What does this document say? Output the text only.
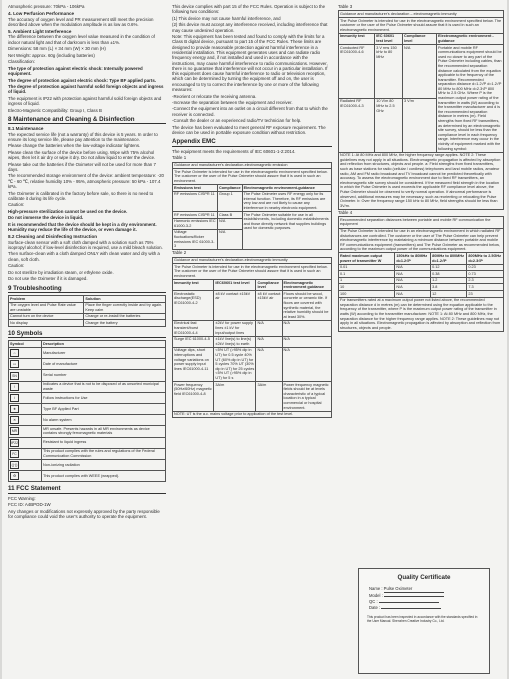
Atmospheric pressure: 70kPa - 106kPa
4. Low Perfusion Performance
The accuracy of oxygen level and PR measurement still meet the precision described above when the modulation amplitude is as low as 0.6%.
5. Ambient Light Interference
The difference between the oxygen level value measured in the condition of indoor natural light and that of darkroom is less than ±1%.
Dimensions: 58 mm (L) × 34 mm (W) × 30 mm (H)
Net Weight: approx. 60g (including batteries)
Classification:
The type of protection against electric shock: Internally powered equipment.
The degree of protection against electric shock: Type BF applied parts.
The degree of protection against harmful solid foreign objects and ingress of liquid.
The equipment is IP22 with protection against harmful solid foreign objects and ingress of liquid.
Electro-Magnetic Compatibility: Group I, Class B
8 Maintenance and Cleaning & Disinfection
8.1 Maintenance
The expected service life (not a warranty) of this device is 5 years. In order to ensure its long service life, please pay attention to the maintenance.
Please change the batteries when the low-voltage indicator lightens.
Please clean the surface of the device before using. Wipe with 75% alcohol wipes, then let it air dry or wipe it dry. Do not allow liquid to enter the device.
Please take out the batteries if the Oximeter will not be used for more than 7 days.
The recommended storage environment of the device: ambient temperature: -20 ℃ - 60 ℃, relative humidity 10% - 95%, atmospheric pressure: 50 kPa - 107.4 kPa.
The Oximeter is calibrated in the factory before sale, so there is no need to calibrate it during its life cycle.
Caution:
High-pressure sterilization cannot be used on the device.
Do not immerse the device in liquid.
It is recommended that the device should be kept in a dry environment. Humidity may reduce the life of the device, or even damage it.
8.2 Cleaning and Disinfecting Instruction
Surface-clean sensor with a soft cloth damped with a solution such as 75% isopropyl alcohol; if low-level disinfection is required, use a mild bleach solution.
Then surface-clean with a cloth damped ONLY with clean water and dry with a clean, soft cloth.
Caution:
Do not sterilize by irradiation steam, or ethylene oxide.
Do not use the Oximeter if it is damaged.
9 Troubleshooting
Problem	Solution
The oxygen level and Pulse Rate value are unstable	Place the finger correctly inside and try again. Keep calm
Cannot turn on the device	Change or re-install the batteries
No display	Change the battery
10 Symbols
Symbol	Description
⌂	Manufacturer
▭	Date of manufacture
SN	Serial number
!	Indicates a device that is not to be disposed of as unsorted municipal waste
i	Follow instructions for Use
★	Type BF Applied Part
✕	No alarm system
MR	MR unsafe. Presents hazards in all MR environments as device contains strongly ferromagnetic materials
IP22	Resistant to liquid ingress
FC	This product complies with the rules and regulations of the Federal Communication Commission
((·))	Non-ionizing radiation
♻	This product complies with WEEE (wrapped).
11 FCC Statement
FCC Warning:
FCC ID: A4BPOD-1W
Any changes or modifications not expressly approved by the party responsible for compliance could void the user's authority to operate the equipment.
This device complies with part 15 of the FCC Rules. Operation is subject to the following two conditions:
(1) This device may not cause harmful interference, and
(2) this device must accept any interference received, including interference that may cause undesired operation.
Note: This equipment has been tested and found to comply with the limits for a Class B digital device, pursuant to part 15 of the FCC Rules. These limits are designed to provide reasonable protection against harmful interference in a residential installation. This equipment generates uses and can radiate radio frequency energy and, if not installed and used in accordance with the instructions, may cause harmful interference to radio communications. However, there is no guarantee that interference will not occur in a particular installation. If this equipment does cause harmful interference to radio or television reception, which can be determined by turning the equipment off and on, the user is encouraged to try to correct the interference by one or more of the following measures:
-Reorient or relocate the receiving antenna.
-Increase the separation between the equipment and receiver.
-Connect the equipment into an outlet on a circuit different from that to which the receiver is connected.
-Consult the dealer or an experienced radio/TV technician for help.
The device has been evaluated to meet general RF exposure requirement. The device can be used in portable exposure condition without restriction.
Appendix EMC
The equipment meets the requirements of IEC 60601-1-2:2014.
Table 1
Guidance and manufacturer's declaration-electromagnetic emission		
The Pulse Oximeter is intended for use in the electromagnetic environment specified below. The customer or the user of the Pulse Oximeter should assure that it is used in such an environment.		
Emissions test	Compliance	Electromagnetic environment-guidance
RF emissions CISPR 11	Group 1	The Pulse Oximeter uses RF energy only for its internal function. Therefore, its RF emissions are very low and are not likely to cause any interference in nearby electronic equipment.
RF emissions CISPR 11	Class B	The Pulse Oximeter suitable for use in all establishments, including domestic establishments and those directly network that supplies buildings used for domestic purposes.
Harmonic emissions IEC 61000-3-2	N/A	
Voltage fluctuations/flicker emissions IEC 61000-3-3	N/A	
Table 2
Guidance and manufacturer's declaration-electromagnetic immunity			
The Pulse Oximeter is intended for use in the electromagnetic environment specified below. The customer or the user of the Pulse Oximeter should assure that it is used in such an environment.			
Immunity test	IEC60601 test level	Compliance level	Electromagnetic environment guidance
Electrostatic discharge(ESD) IEC61000-4-2	±8 kV contact ±15kV air	±8 kV contact ±15kV air	Floors should be wood, concrete or ceramic tile. If floors are covered with synthetic material, the relative humidity should be at least 30%.
Electrical fast transient/burst IEC61000-4-4	±2kV for power supply lines ±1 kV for input/output lines	N/A	N/A
Surge IEC 61000-4-5	±1kV line(s) to line(s) ±2kV line(s) to earth	N/A	N/A
Voltage dips, short interruptions and voltage variations on power supply input lines IEC61000-4-11	<5% UT (>95% dip in UT) for 0.5 cycle 40% UT (60% dip in UT) for 5 cycles 70% UT (30% dip in UT) for 25 cycles <5% UT (>95% dip in UT) for 5 s	N/A	N/A
Power frequency (50Hz/60Hz) magnetic field IEC61000-4-8	3A/m	3A/m	Power frequency magnetic fields should be at levels characteristic of a typical location in a typical commercial or hospital environment.
NOTE: UT is the a.c. mains voltage prior to application of the test level.			
Table 3
Guidance and manufacturer's declaration – electromagnetic immunity			
The Pulse Oximeter is intended for use in the electromagnetic environment specified below. The customer or the user of the Pulse Oximeter should assure that it is used in such an electromagnetic environment.			
Immunity test	IEC 60601 test level	Compliance level	Electromagnetic environment - guidance
Conducted RF IEC61000-4-6	3 V rms 150 kHz to 80 MHz	N/A	Portable and mobile RF communications equipment should be used no closer to any part of the Pulse Oximeter including cables, than the recommended separation distance calculated from the equation applicable to the frequency of the transmitter. Recommended separation distance d=1.2√P d=1.2√P 80 MHz to 800 MHz d=2.3√P 800 MHz to 2.5 GHz. Where P is the maximum output power rating of the transmitter in watts (W) according to the transmitter manufacturer and d is the recommended separation distance in metres (m). Field strengths from fixed RF transmitters, as determined by an electromagnetic site survey, should be less than the compliance level in each frequency range. Interference may occur in the vicinity of equipment marked with the following symbol:
Radiated RF IEC61000-4-3	10 V/m 80 MHz to 2.5 GHz	3 V/m	
NOTE 1: At 80 MHz and 800 MHz, the higher frequency range applies. NOTE 2: These guidelines may not apply in all situations. Electromagnetic propagation is affected by absorption and reflection from structures, objects and people. a: Field strengths from fixed transmitters, such as base stations for radio (cellular / cordless) telephones and land mobile radios, amateur radio, AM and FM radio broadcast and TV broadcast cannot be predicted theoretically with accuracy. To assess the electromagnetic environment due to fixed RF transmitters, an electromagnetic site survey should be considered. If the measured field strength in the location in which the Pulse Oximeter is used exceeds the applicable RF compliance level above, the Pulse Oximeter should be observed to verify normal operation. If abnormal performance is observed, additional measures may be necessary, such as reorienting or relocating the Pulse Oximeter. b: Over the frequency range 150 kHz to 80 MHz, field strengths should be less than 3V/m.			
Table 4
Recommended separation distances between portable and mobile RF communication the equipment			
The Pulse Oximeter is intended for use in an electromagnetic environment in which radiated RF disturbances are controlled. The customer or the user of The Pulse Oximeter can help prevent electromagnetic interference by maintaining a minimum distance between portable and mobile RF communications equipment (transmitters) and The Pulse Oximeter as recommended below, according to the maximum output power of the communications equipment.			
Rated maximum output power of transmitter W	150kHz to 80MHz d=1.2√P	80MHz to 800MHz d=1.2√P	800MHz to 2.5GHz d=2.3√P
0.01	N/A	0.12	0.23
0.1	N/A	0.38	0.73
1	N/A	1.2	2.3
10	N/A	3.8	7.3
100	N/A	12	23
For transmitters rated at a maximum output power not listed above, the recommended separation distance d in metres (m) can be determined using the equation applicable to the frequency of the transmitter, where P is the maximum output power rating of the transmitter in watts (W) according to the transmitter manufacturer. NOTE 1: At 80 MHz and 800 MHz, the separation distance for the higher frequency range applies. NOTE 2: These guidelines may not apply in all situations. Electromagnetic propagation is affected by absorption and reflection from structures, objects and people.			
Quality Certificate
Name : Pulse Oximeter
Model :
QC :
Date :
This product has been inspected in accordance with the standards specified in the User Manual. Shenzhen Creative Industry Co., Ltd.
